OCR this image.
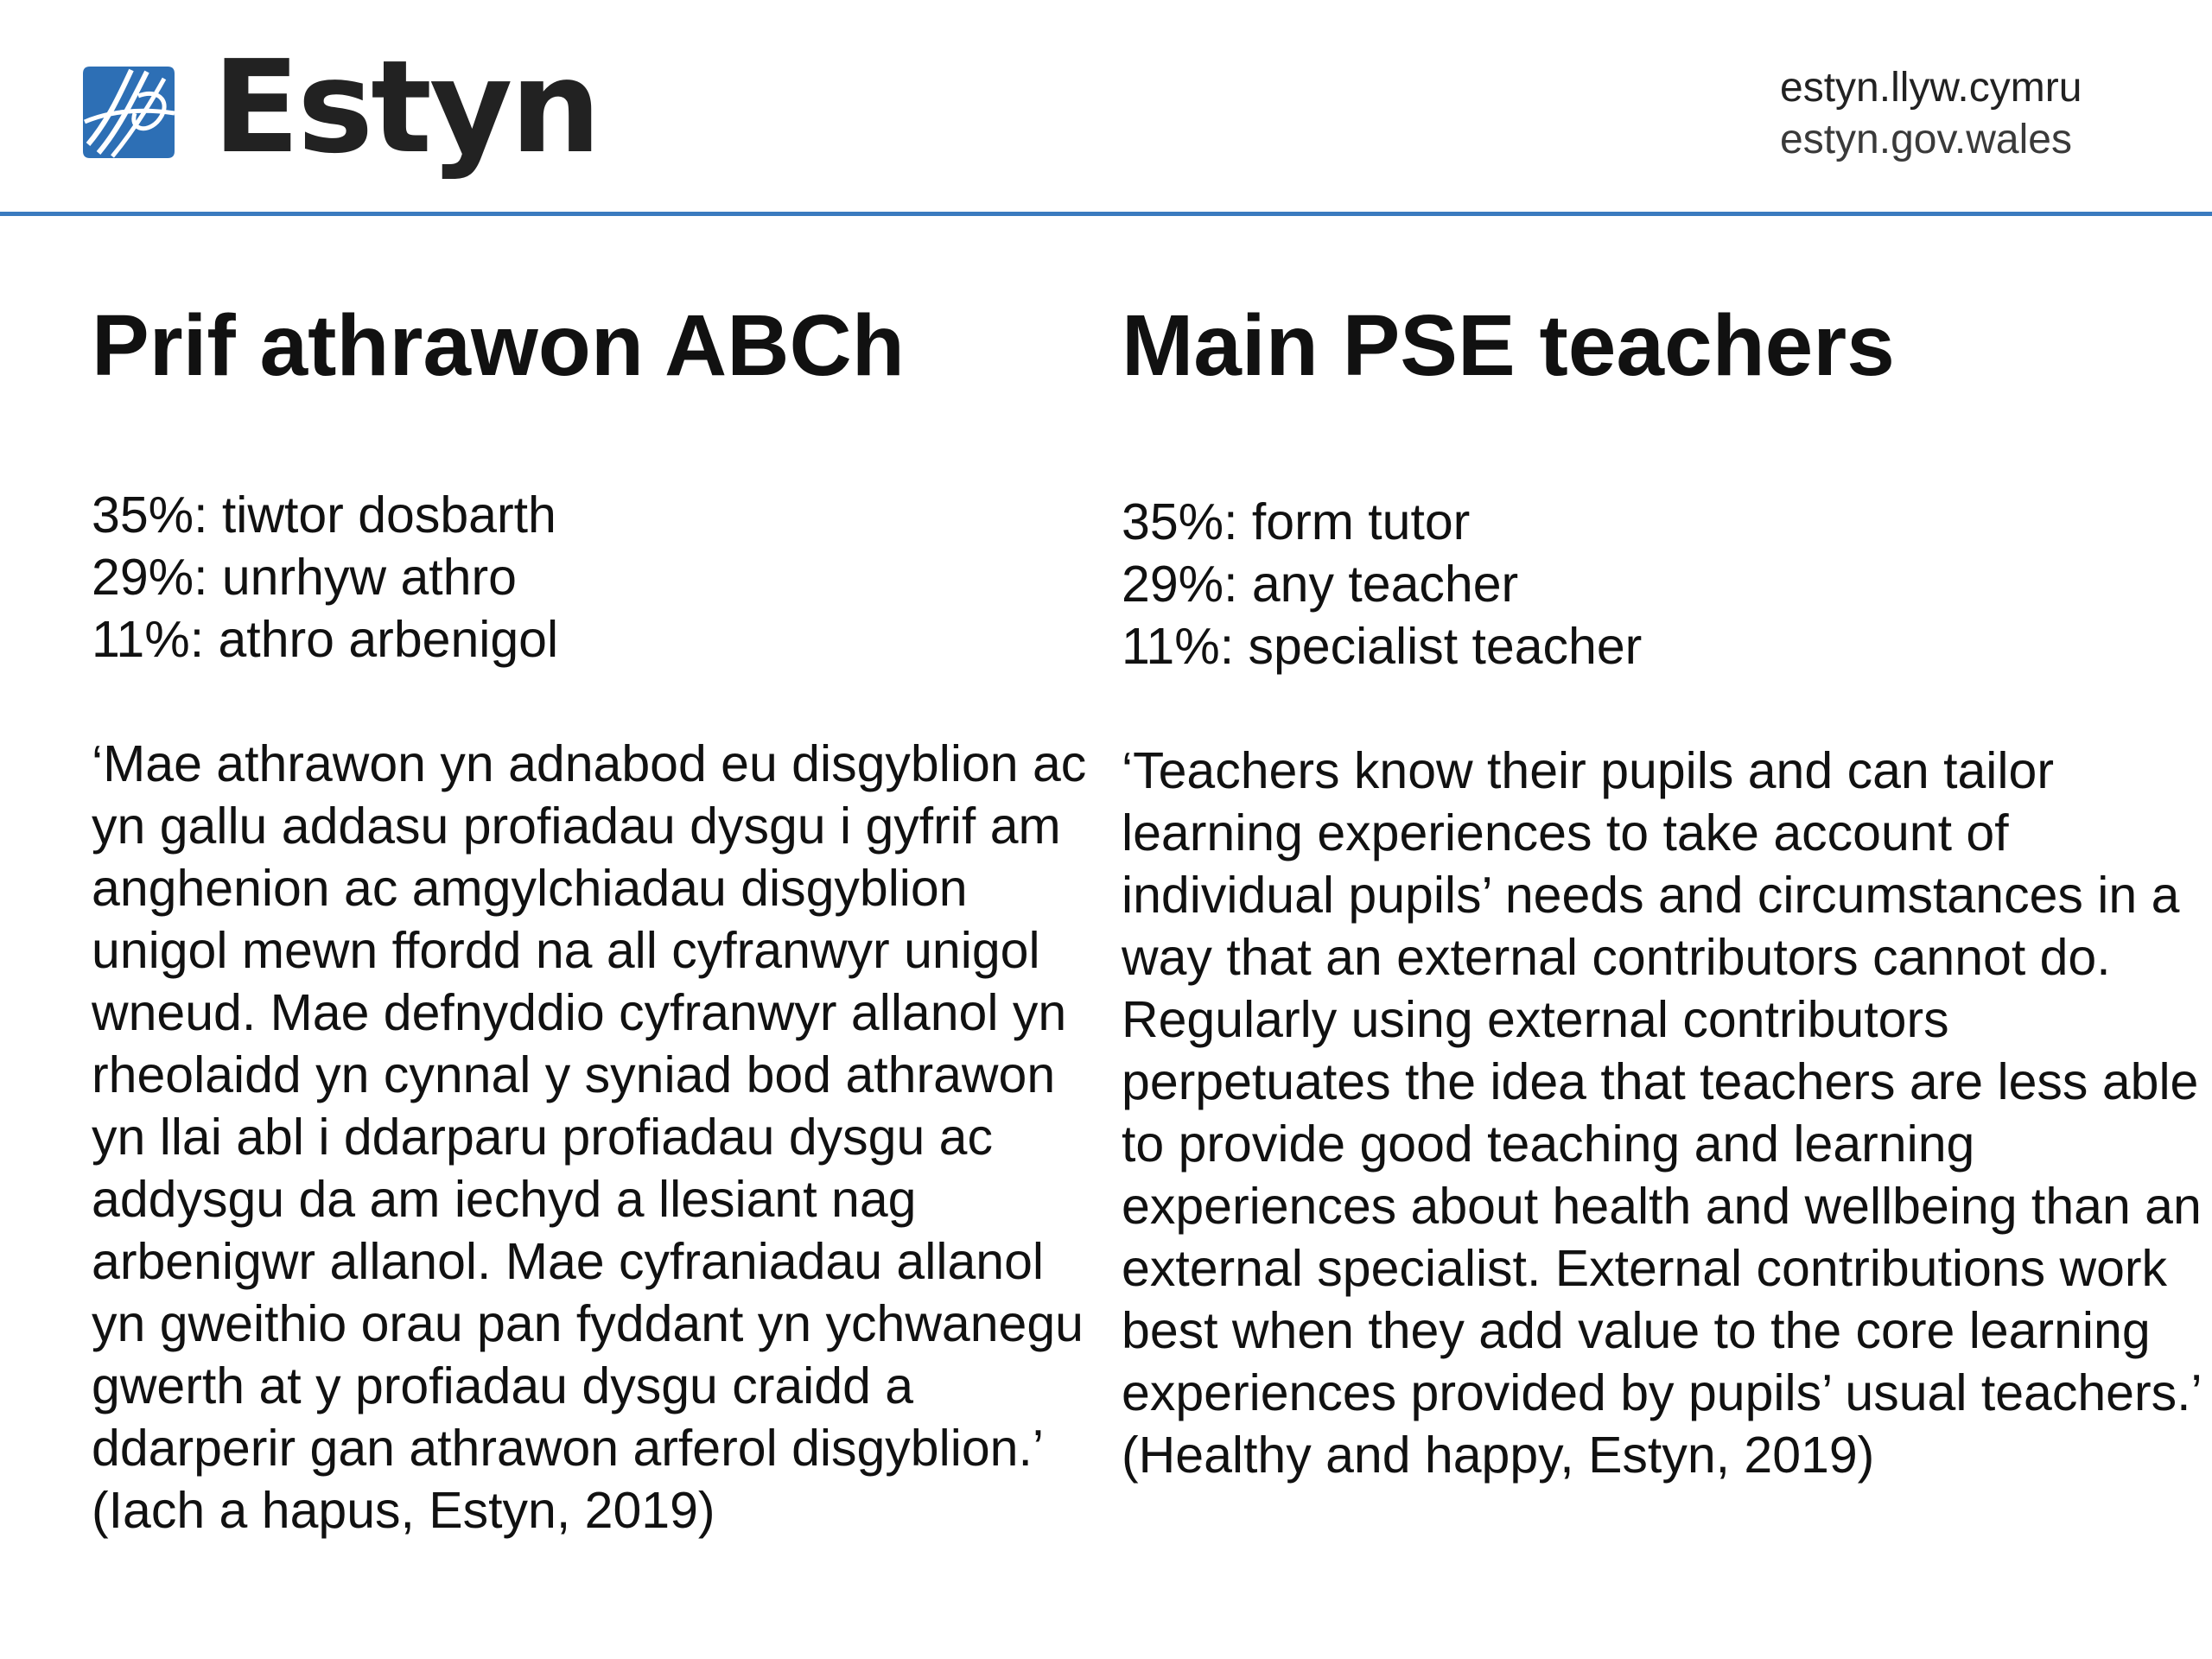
Estyn	estyn.llyw.cymru
estyn.gov.wales
Prif athrawon ABCh
35%: tiwtor dosbarth
29%: unrhyw athro
11%: athro arbenigol

‘Mae athrawon yn adnabod eu disgyblion ac yn gallu addasu profiadau dysgu i gyfrif am anghenion ac amgylchiadau disgyblion unigol mewn ffordd na all cyfranwyr unigol wneud. Mae defnyddio cyfranwyr allanol yn rheolaidd yn cynnal y syniad bod athrawon yn llai abl i ddarparu profiadau dysgu ac addysgu da am iechyd a llesiant nag arbenigwr allanol. Mae cyfraniadau allanol yn gweithio orau pan fyddant yn ychwanegu gwerth at y profiadau dysgu craidd a ddarperir gan athrawon arferol disgyblion.’ (Iach a hapus, Estyn, 2019)

Main PSE teachers
35%: form tutor
29%: any teacher
11%: specialist teacher

‘Teachers know their pupils and can tailor learning experiences to take account of individual pupils’ needs and circumstances in a way that an external contributors cannot do. Regularly using external contributors perpetuates the idea that teachers are less able to provide good teaching and learning experiences about health and wellbeing than an external specialist. External contributions work best when they add value to the core learning experiences provided by pupils’ usual teachers.’ (Healthy and happy, Estyn, 2019)
